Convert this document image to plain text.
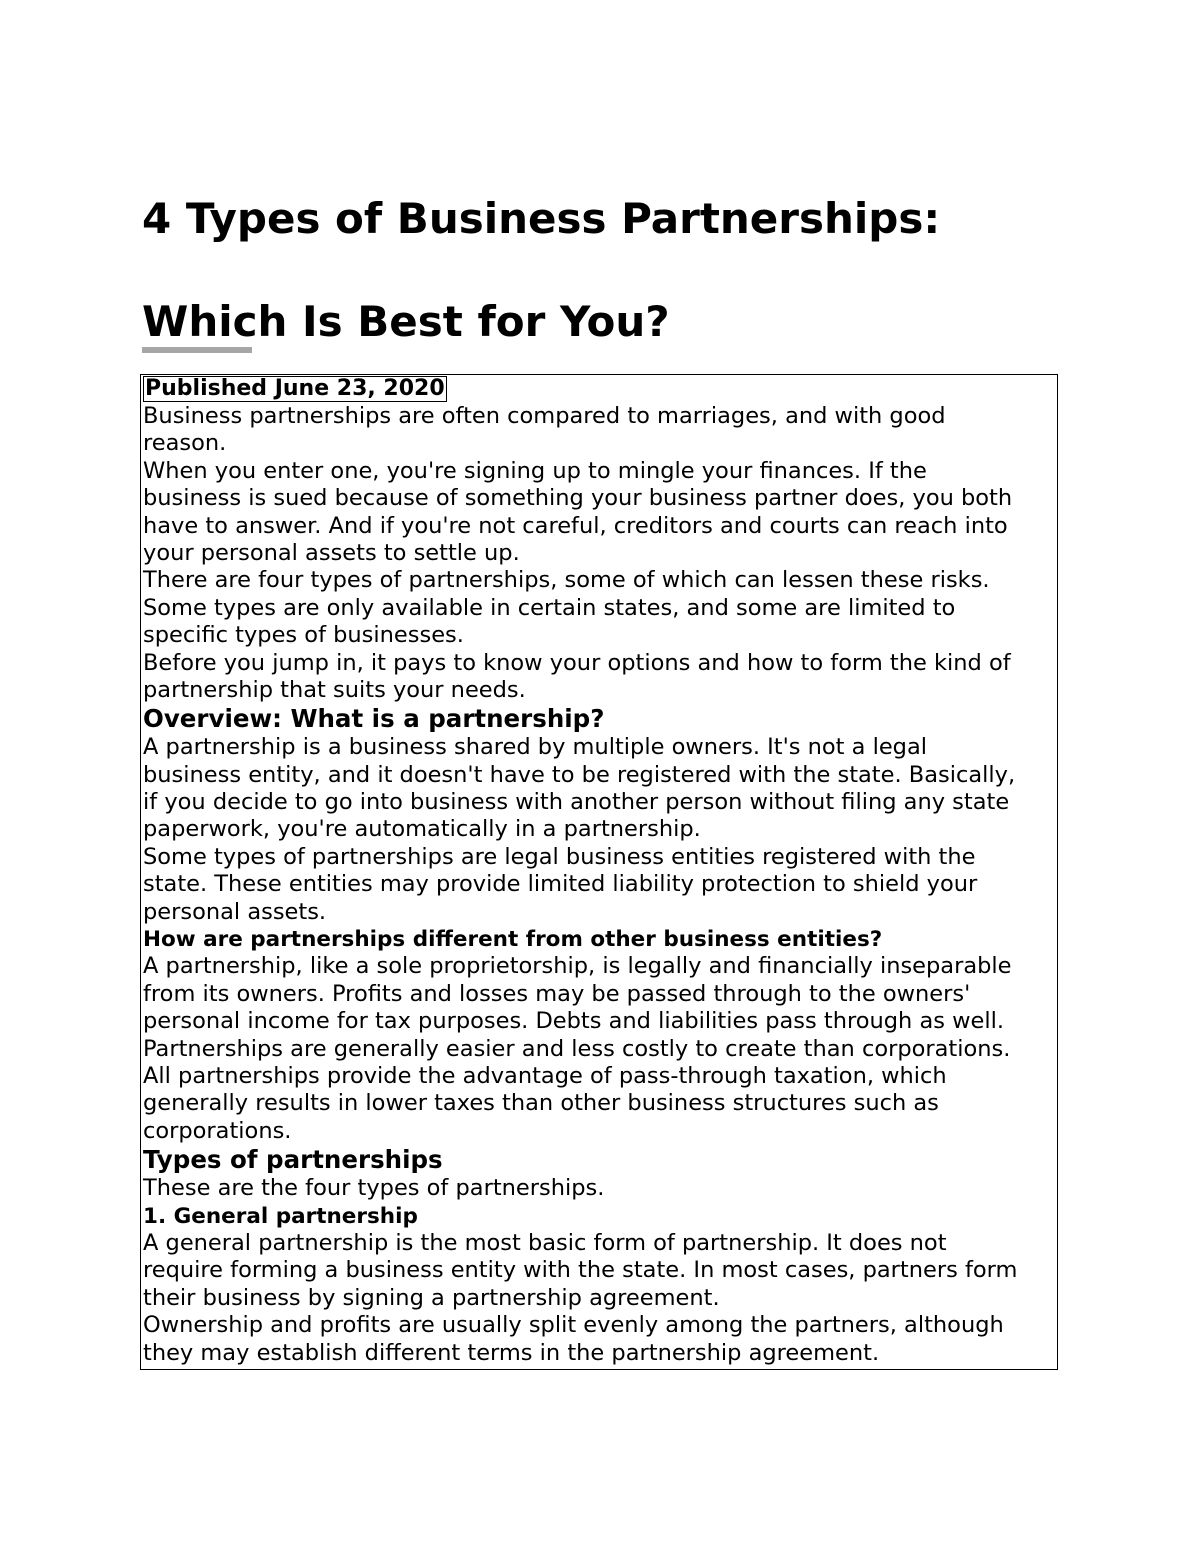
4 Types of Business Partnerships:
Which Is Best for You?
Published June 23, 2020
Business partnerships are often compared to marriages, and with good
reason.
When you enter one, you're signing up to mingle your finances. If the
business is sued because of something your business partner does, you both
have to answer. And if you're not careful, creditors and courts can reach into
your personal assets to settle up.
There are four types of partnerships, some of which can lessen these risks.
Some types are only available in certain states, and some are limited to
specific types of businesses.
Before you jump in, it pays to know your options and how to form the kind of
partnership that suits your needs.
Overview: What is a partnership?
A partnership is a business shared by multiple owners. It's not a legal
business entity, and it doesn't have to be registered with the state. Basically,
if you decide to go into business with another person without filing any state
paperwork, you're automatically in a partnership.
Some types of partnerships are legal business entities registered with the
state. These entities may provide limited liability protection to shield your
personal assets.
How are partnerships different from other business entities?
A partnership, like a sole proprietorship, is legally and financially inseparable
from its owners. Profits and losses may be passed through to the owners'
personal income for tax purposes. Debts and liabilities pass through as well.
Partnerships are generally easier and less costly to create than corporations.
All partnerships provide the advantage of pass-through taxation, which
generally results in lower taxes than other business structures such as
corporations.
Types of partnerships
These are the four types of partnerships.
1. General partnership
A general partnership is the most basic form of partnership. It does not
require forming a business entity with the state. In most cases, partners form
their business by signing a partnership agreement.
Ownership and profits are usually split evenly among the partners, although
they may establish different terms in the partnership agreement.
